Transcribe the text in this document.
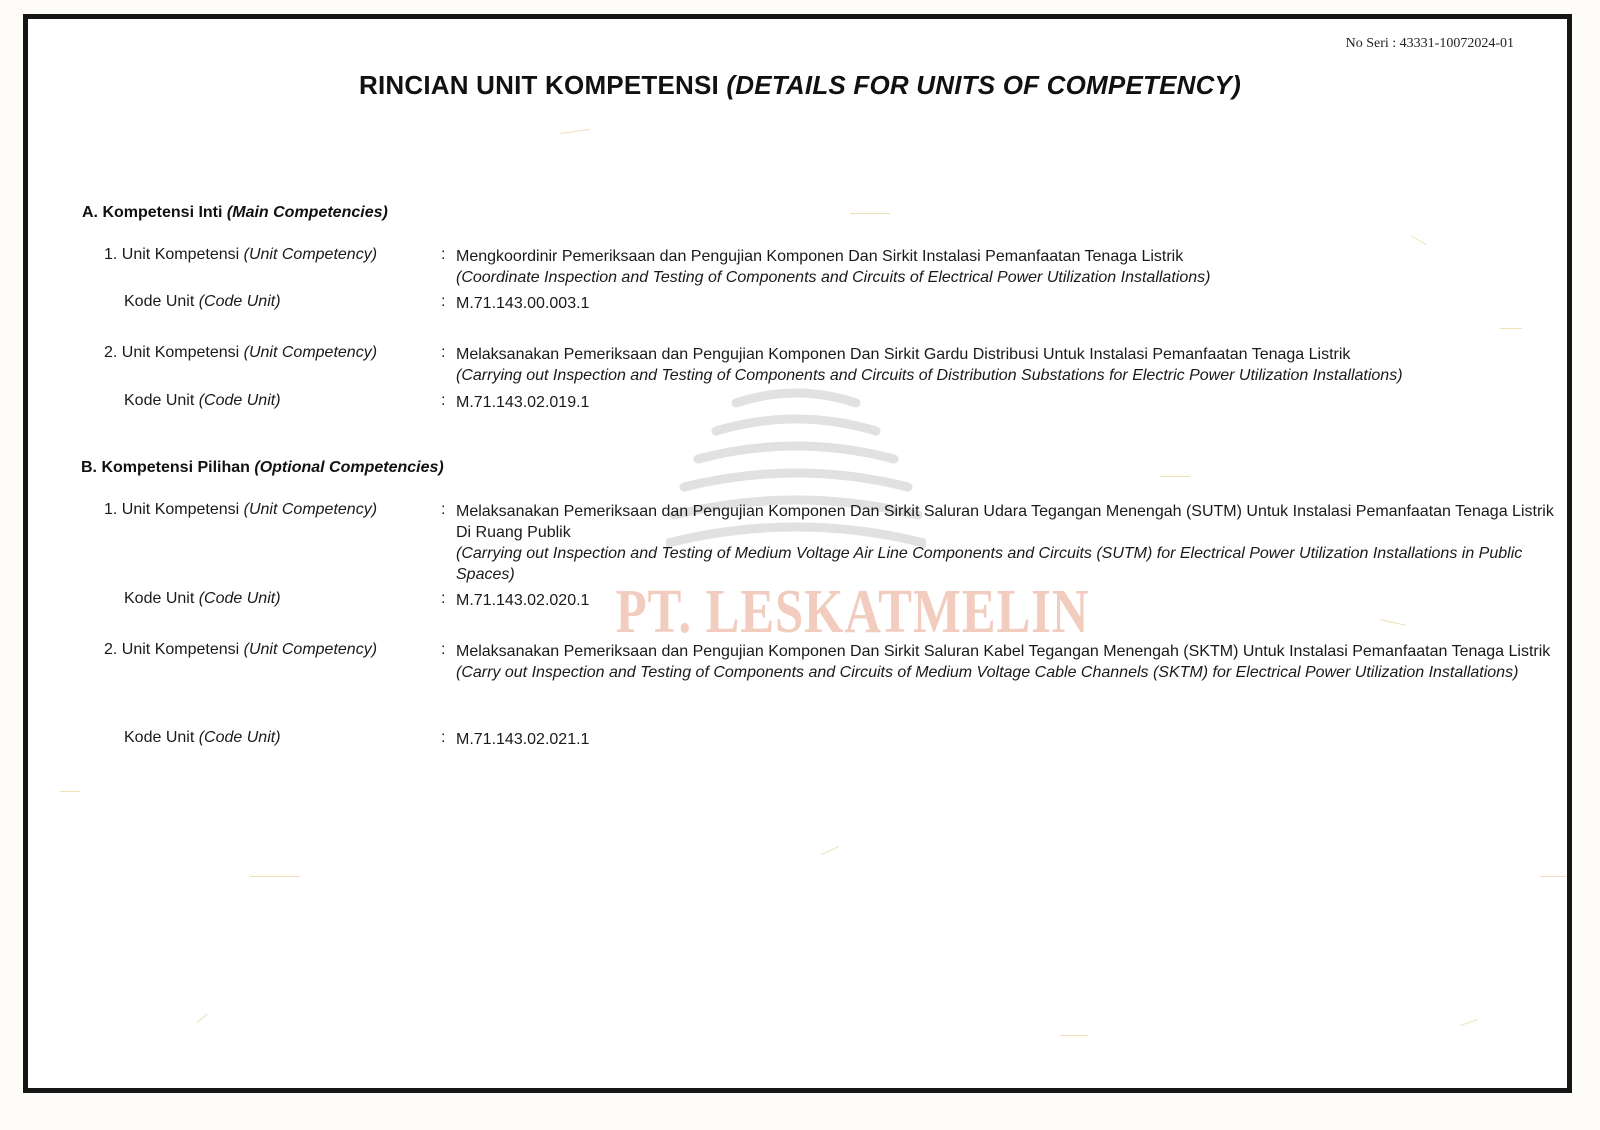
PT. LESKATMELIN
No Seri : 43331-10072024-01
RINCIAN UNIT KOMPETENSI (DETAILS FOR UNITS OF COMPETENCY)
A. Kompetensi Inti (Main Competencies)
1. Unit Kompetensi (Unit Competency)	: Mengkoordinir Pemeriksaan dan Pengujian Komponen Dan Sirkit Instalasi Pemanfaatan Tenaga Listrik
(Coordinate Inspection and Testing of Components and Circuits of Electrical Power Utilization Installations)
Kode Unit (Code Unit)	: M.71.143.00.003.1
2. Unit Kompetensi (Unit Competency)	: Melaksanakan Pemeriksaan dan Pengujian Komponen Dan Sirkit Gardu Distribusi Untuk Instalasi Pemanfaatan Tenaga Listrik
(Carrying out Inspection and Testing of Components and Circuits of Distribution Substations for Electric Power Utilization Installations)
Kode Unit (Code Unit)	: M.71.143.02.019.1
B. Kompetensi Pilihan (Optional Competencies)
1. Unit Kompetensi (Unit Competency)	: Melaksanakan Pemeriksaan dan Pengujian Komponen Dan Sirkit Saluran Udara Tegangan Menengah (SUTM) Untuk Instalasi Pemanfaatan Tenaga Listrik Di Ruang Publik
(Carrying out Inspection and Testing of Medium Voltage Air Line Components and Circuits (SUTM) for Electrical Power Utilization Installations in Public Spaces)
Kode Unit (Code Unit)	: M.71.143.02.020.1
2. Unit Kompetensi (Unit Competency)	: Melaksanakan Pemeriksaan dan Pengujian Komponen Dan Sirkit Saluran Kabel Tegangan Menengah (SKTM) Untuk Instalasi Pemanfaatan Tenaga Listrik
(Carry out Inspection and Testing of Components and Circuits of Medium Voltage Cable Channels (SKTM) for Electrical Power Utilization Installations)
Kode Unit (Code Unit)	: M.71.143.02.021.1
